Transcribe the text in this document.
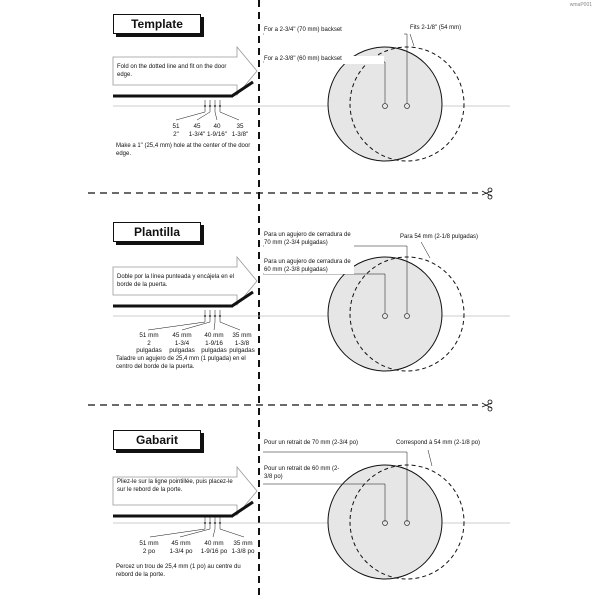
wmaP001
Template
Fold on the dotted line and fit on the door edge.
51
2"
45
1-3/4"
40
1-9/16"
35
1-3/8"
Make a 1" (25,4 mm) hole at the center of the door edge.
For a 2-3/4" (70 mm) backset
For a 2-3/8" (60 mm) backset
Fits 2-1/8" (54 mm)
Plantilla
Doble por la línea punteada y encájela en el borde de la puerta.
51 mm
2
pulgadas
45 mm
1-3/4
pulgadas
40 mm
1-9/16
pulgadas
35 mm
1-3/8
pulgadas
Taladre un agujero de 25,4 mm (1 pulgada) en el centro del borde de la puerta.
Para un agujero de cerradura de 70 mm (2-3/4 pulgadas)
Para un agujero de cerradura de 60 mm (2-3/8 pulgadas)
Para 54 mm (2-1/8 pulgadas)
Gabarit
Pliez-le sur la ligne pointillée, puis placez-le sur le rebord de la porte.
51 mm
2 po
45 mm
1-3/4 po
40 mm
1-9/16 po
35 mm
1-3/8 po
Percez un trou de 25,4 mm (1 po) au centre du rebord de la porte.
Pour un retrait de 70 mm (2-3/4 po)
Pour un retrait de 60 mm (2-3/8 po)
Correspond à 54 mm (2-1/8 po)
